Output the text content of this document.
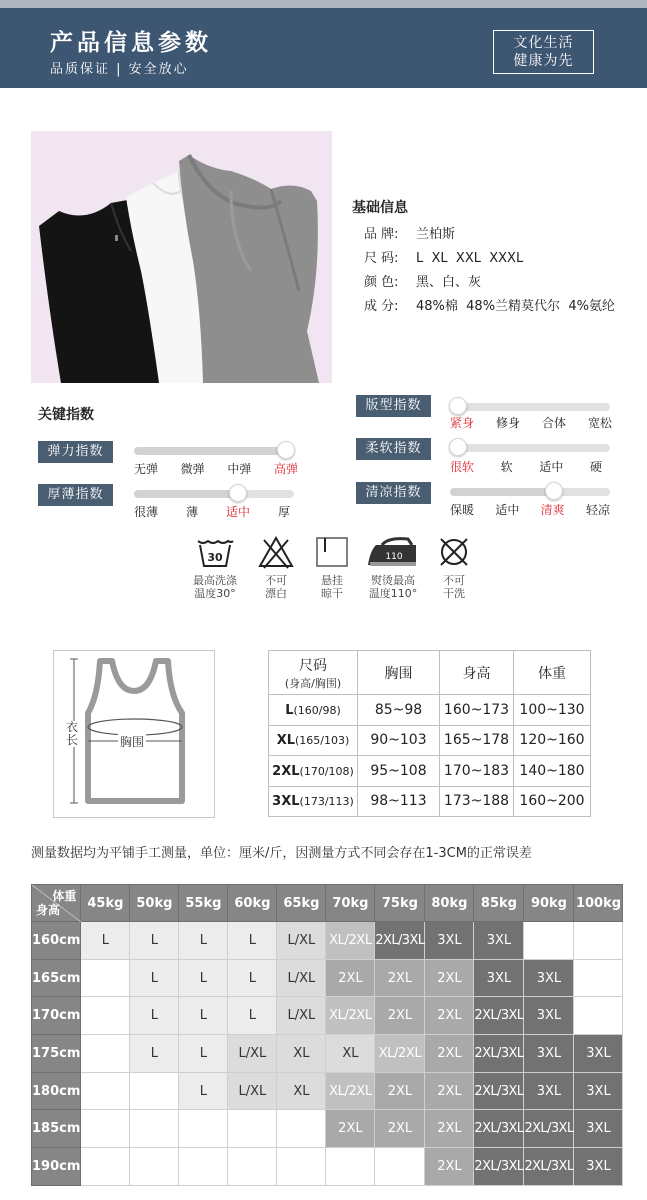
产品信息参数
品质保证 | 安全放心
文化生活
健康为先
基础信息
品 牌: 兰柏斯
尺 码: L  XL  XXL  XXXL
颜 色: 黑、白、灰
成 分: 48%棉  48%兰精莫代尔  4%氨纶
关键指数
弹力指数
无弹 微弹 中弹 高弹
厚薄指数
很薄 薄 适中 厚
版型指数
紧身 修身 合体 宽松
柔软指数
很软 软 适中 硬
清凉指数
保暖 适中 清爽 轻凉
30
最高洗涤
温度30°
不可
漂白
悬挂
晾干
110
熨烫最高
温度110°
不可
干洗
衣长	胸围
尺码
(身高/胸围)	胸围	身高	体重
L(160/98)	85~98	160~173	100~130
XL(165/103)	90~103	165~178	120~160
2XL(170/108)	95~108	170~183	140~180
3XL(173/113)	98~113	173~188	160~200
测量数据均为平铺手工测量，单位：厘米/斤，因测量方式不同会存在1-3CM的正常误差
体重
身高	45kg	50kg	55kg	60kg	65kg	70kg	75kg	80kg	85kg	90kg	100kg
160cm	L	L	L	L	L/XL	XL/2XL	2XL/3XL	3XL	3XL		
165cm		L	L	L	L/XL	2XL	2XL	2XL	3XL	3XL	
170cm		L	L	L	L/XL	XL/2XL	2XL	2XL	2XL/3XL	3XL	
175cm		L	L	L/XL	XL	XL	XL/2XL	2XL	2XL/3XL	3XL	3XL
180cm			L	L/XL	XL	XL/2XL	2XL	2XL	2XL/3XL	3XL	3XL
185cm						2XL	2XL	2XL	2XL/3XL	2XL/3XL	3XL
190cm								2XL	2XL/3XL	2XL/3XL	3XL
